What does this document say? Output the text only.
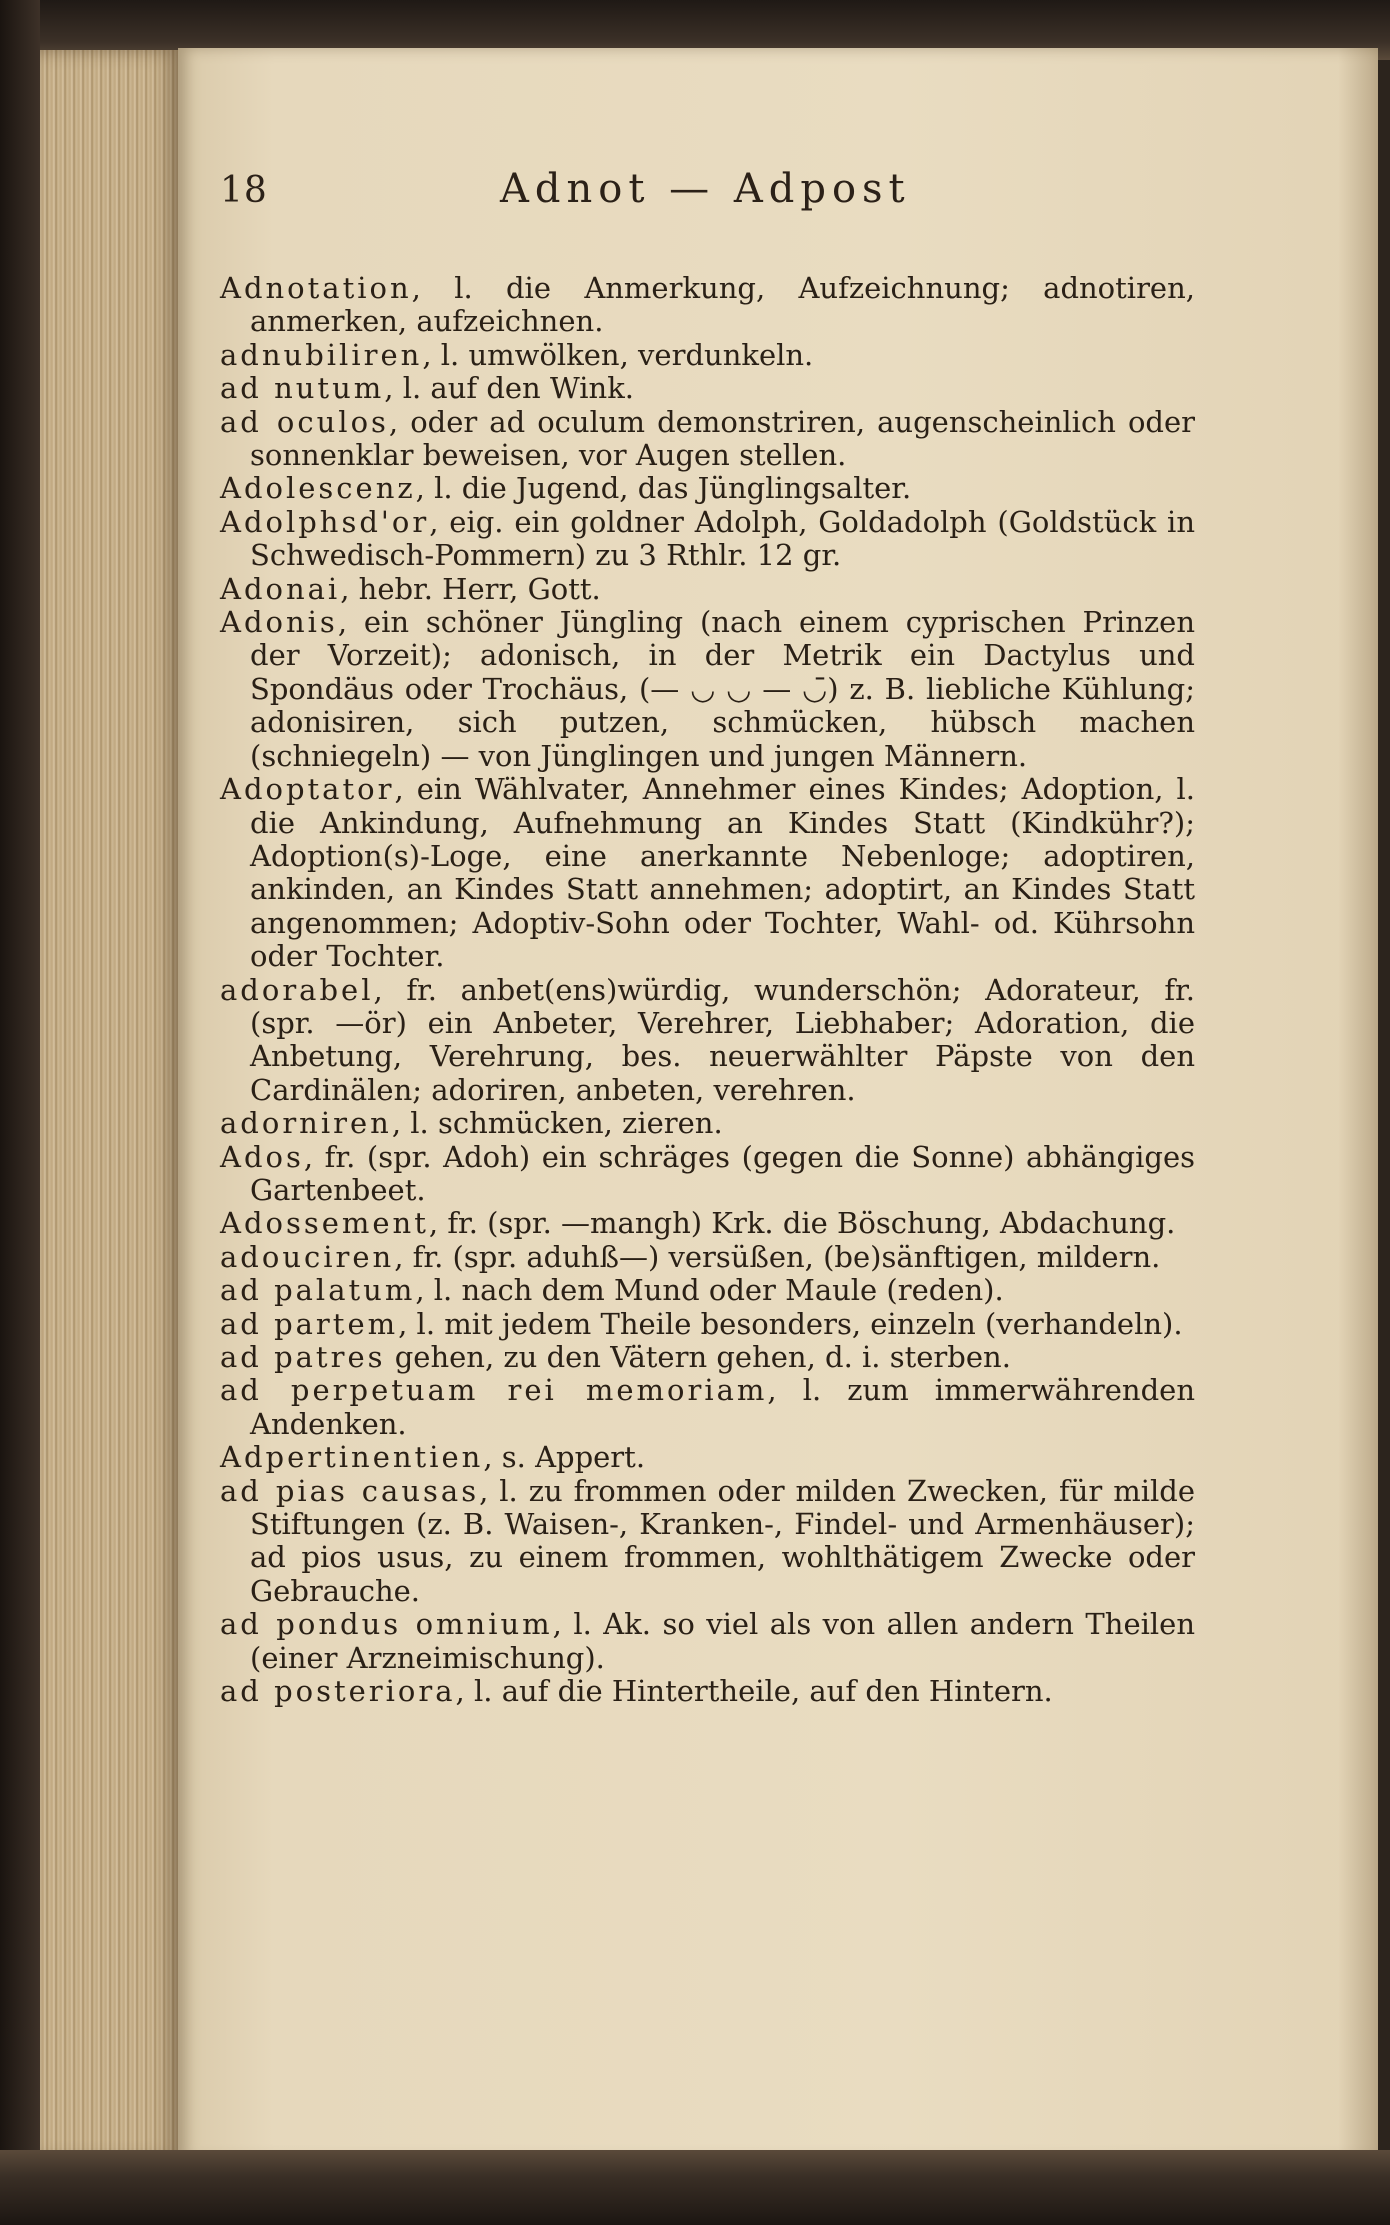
18	Adnot — Adpost

Adnotation, l. die Anmerkung, Aufzeichnung; adnotiren, anmerken, aufzeichnen.

adnubiliren, l. umwölken, verdunkeln.

ad nutum, l. auf den Wink.

ad oculos, oder ad oculum demonstriren, augenscheinlich oder sonnenklar beweisen, vor Augen stellen.

Adolescenz, l. die Jugend, das Jünglingsalter.

Adolphsd'or, eig. ein goldner Adolph, Goldadolph (Goldstück in Schwedisch-Pommern) zu 3 Rthlr. 12 gr.

Adonai, hebr. Herr, Gott.

Adonis, ein schöner Jüngling (nach einem cyprischen Prinzen der Vorzeit); adonisch, in der Metrik ein Dactylus und Spondäus oder Trochäus, (— ◡ ◡ — ◡̄) z. B. liebliche Kühlung; adonisiren, sich putzen, schmücken, hübsch machen (schniegeln) — von Jünglingen und jungen Männern.

Adoptator, ein Wählvater, Annehmer eines Kindes; Adoption, l. die Ankindung, Aufnehmung an Kindes Statt (Kindkühr?); Adoption(s)-Loge, eine anerkannte Nebenloge; adoptiren, ankinden, an Kindes Statt annehmen; adoptirt, an Kindes Statt angenommen; Adoptiv-Sohn oder Tochter, Wahl- od. Kührsohn oder Tochter.

adorabel, fr. anbet(ens)würdig, wunderschön; Adorateur, fr. (spr. —ör) ein Anbeter, Verehrer, Liebhaber; Adoration, die Anbetung, Verehrung, bes. neuerwählter Päpste von den Cardinälen; adoriren, anbeten, verehren.

adorniren, l. schmücken, zieren.

Ados, fr. (spr. Adoh) ein schräges (gegen die Sonne) abhängiges Gartenbeet.

Adossement, fr. (spr. —mangh) Krk. die Böschung, Abdachung.

adouciren, fr. (spr. aduhß—) versüßen, (be)sänftigen, mildern.

ad palatum, l. nach dem Mund oder Maule (reden).

ad partem, l. mit jedem Theile besonders, einzeln (verhandeln).

ad patres gehen, zu den Vätern gehen, d. i. sterben.

ad perpetuam rei memoriam, l. zum immerwährenden Andenken.

Adpertinentien, s. Appert.

ad pias causas, l. zu frommen oder milden Zwecken, für milde Stiftungen (z. B. Waisen-, Kranken-, Findel- und Armenhäuser); ad pios usus, zu einem frommen, wohlthätigem Zwecke oder Gebrauche.

ad pondus omnium, l. Ak. so viel als von allen andern Theilen (einer Arzneimischung).

ad posteriora, l. auf die Hintertheile, auf den Hintern.
